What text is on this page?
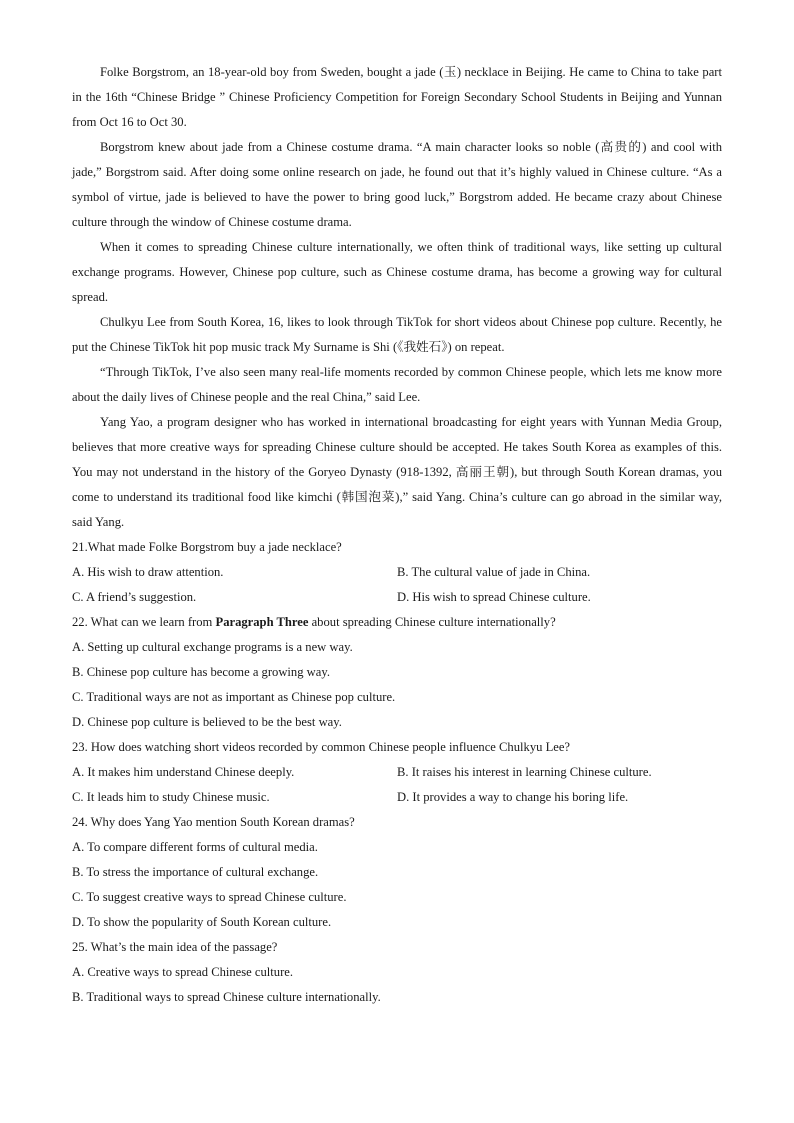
Folke Borgstrom, an 18-year-old boy from Sweden, bought a jade (玉) necklace in Beijing. He came to China to take part in the 16th “Chinese Bridge ” Chinese Proficiency Competition for Foreign Secondary School Students in Beijing and Yunnan from Oct 16 to Oct 30.

Borgstrom knew about jade from a Chinese costume drama. “A main character looks so noble (高贵的) and cool with jade,” Borgstrom said. After doing some online research on jade, he found out that it’s highly valued in Chinese culture. “As a symbol of virtue, jade is believed to have the power to bring good luck,” Borgstrom added. He became crazy about Chinese culture through the window of Chinese costume drama.

When it comes to spreading Chinese culture internationally, we often think of traditional ways, like setting up cultural exchange programs. However, Chinese pop culture, such as Chinese costume drama, has become a growing way for cultural spread.

Chulkyu Lee from South Korea, 16, likes to look through TikTok for short videos about Chinese pop culture. Recently, he put the Chinese TikTok hit pop music track My Surname is Shi (《我姓石》) on repeat.

“Through TikTok, I’ve also seen many real-life moments recorded by common Chinese people, which lets me know more about the daily lives of Chinese people and the real China,” said Lee.

Yang Yao, a program designer who has worked in international broadcasting for eight years with Yunnan Media Group, believes that more creative ways for spreading Chinese culture should be accepted. He takes South Korea as examples of this. You may not understand in the history of the Goryeo Dynasty (918-1392, 高丽王朝), but through South Korean dramas, you come to understand its traditional food like kimchi (韩国泡菜),” said Yang. China’s culture can go abroad in the similar way, said Yang.

21.What made Folke Borgstrom buy a jade necklace?

A. His wish to draw attention.	B. The cultural value of jade in China.
C. A friend’s suggestion.	D. His wish to spread Chinese culture.

22. What can we learn from Paragraph Three about spreading Chinese culture internationally?

A. Setting up cultural exchange programs is a new way.

B. Chinese pop culture has become a growing way.

C. Traditional ways are not as important as Chinese pop culture.

D. Chinese pop culture is believed to be the best way.

23. How does watching short videos recorded by common Chinese people influence Chulkyu Lee?

A. It makes him understand Chinese deeply.	B. It raises his interest in learning Chinese culture.
C. It leads him to study Chinese music.	D. It provides a way to change his boring life.

24. Why does Yang Yao mention South Korean dramas?

A. To compare different forms of cultural media.

B. To stress the importance of cultural exchange.

C. To suggest creative ways to spread Chinese culture.

D. To show the popularity of South Korean culture.

25. What’s the main idea of the passage?

A. Creative ways to spread Chinese culture.

B. Traditional ways to spread Chinese culture internationally.
